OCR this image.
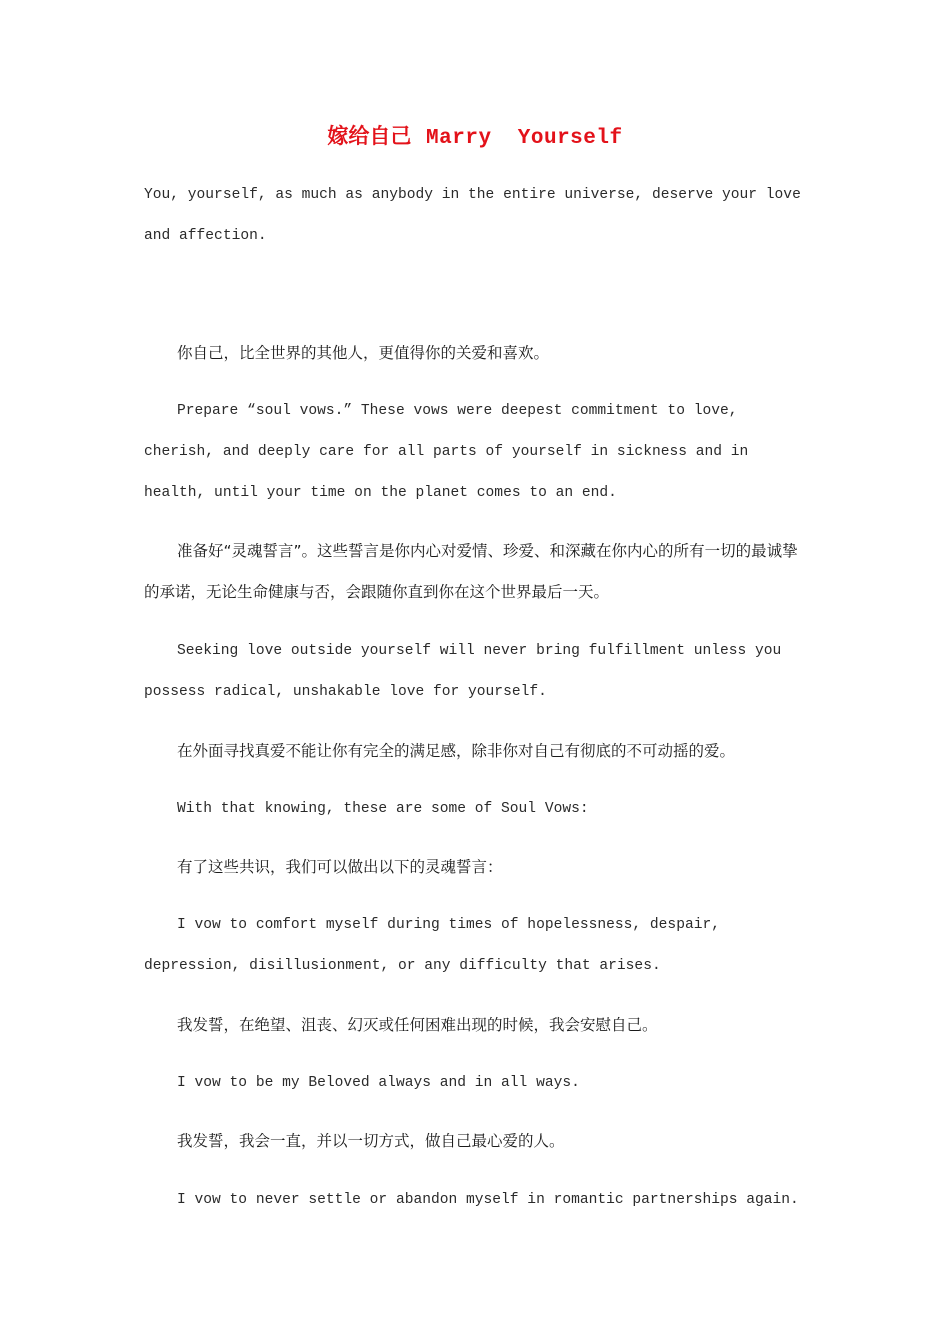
嫁给自己 Marry  Yourself

You, yourself, as much as anybody in the entire universe, deserve your love and affection.

你自己，比全世界的其他人，更值得你的关爱和喜欢。

Prepare “soul vows.” These vows were deepest commitment to love, cherish, and deeply care for all parts of yourself in sickness and in health, until your time on the planet comes to an end.

准备好“灵魂誓言”。这些誓言是你内心对爱情、珍爱、和深藏在你内心的所有一切的最诚挚的承诺，无论生命健康与否，会跟随你直到你在这个世界最后一天。

Seeking love outside yourself will never bring fulfillment unless you possess radical, unshakable love for yourself.

在外面寻找真爱不能让你有完全的满足感，除非你对自己有彻底的不可动摇的爱。

With that knowing, these are some of Soul Vows:

有了这些共识，我们可以做出以下的灵魂誓言：

I vow to comfort myself during times of hopelessness, despair, depression, disillusionment, or any difficulty that arises.

我发誓，在绝望、沮丧、幻灭或任何困难出现的时候，我会安慰自己。

I vow to be my Beloved always and in all ways.

我发誓，我会一直，并以一切方式，做自己最心爱的人。

I vow to never settle or abandon myself in romantic partnerships again.
